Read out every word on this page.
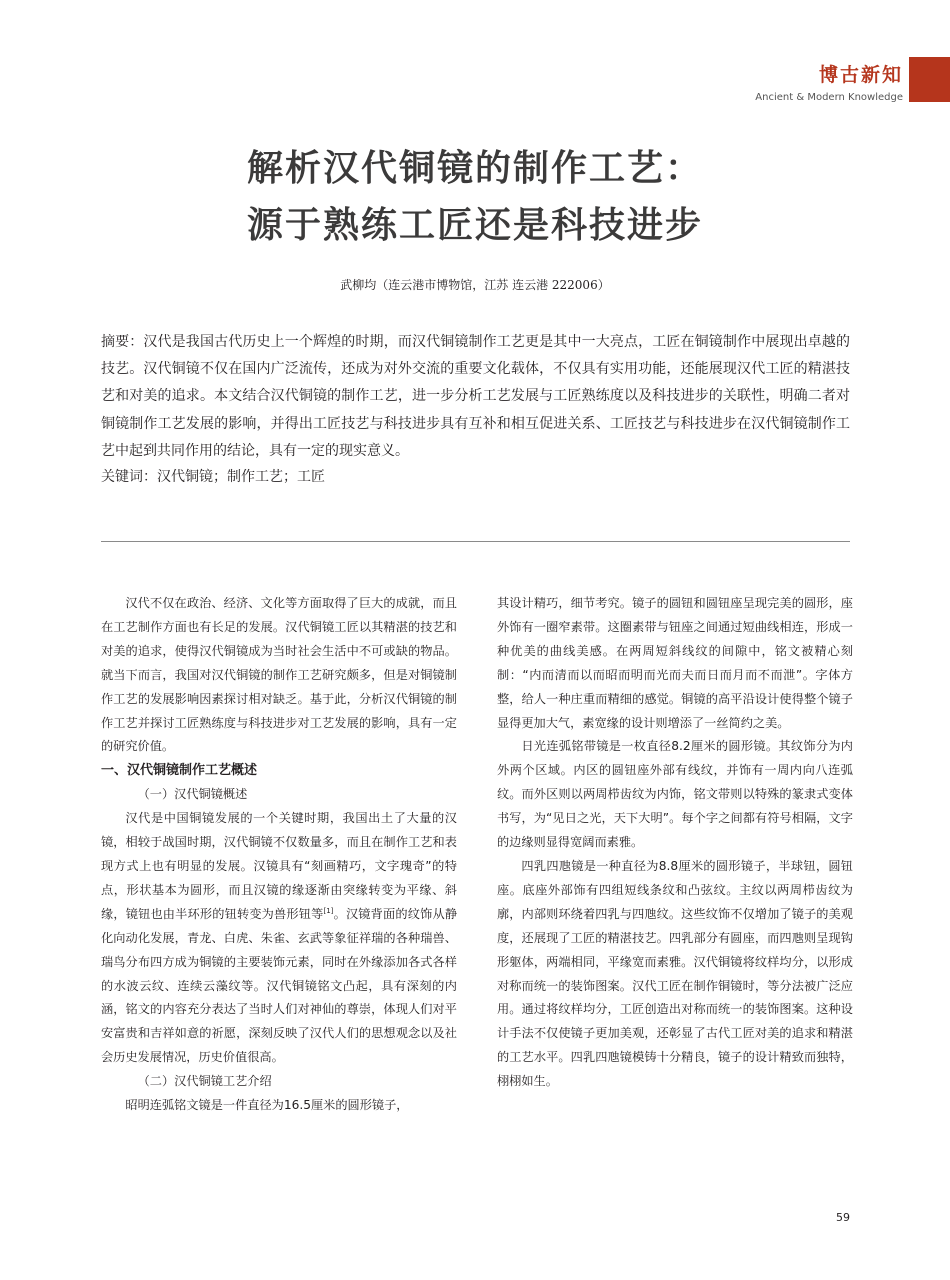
博古新知
Ancient & Modern Knowledge
解析汉代铜镜的制作工艺：
源于熟练工匠还是科技进步
武柳均（连云港市博物馆，江苏 连云港 222006）

摘要：汉代是我国古代历史上一个辉煌的时期，而汉代铜镜制作工艺更是其中一大亮点，工匠在铜镜制作中展现出卓越的技艺。汉代铜镜不仅在国内广泛流传，还成为对外交流的重要文化载体，不仅具有实用功能，还能展现汉代工匠的精湛技艺和对美的追求。本文结合汉代铜镜的制作工艺，进一步分析工艺发展与工匠熟练度以及科技进步的关联性，明确二者对铜镜制作工艺发展的影响，并得出工匠技艺与科技进步具有互补和相互促进关系、工匠技艺与科技进步在汉代铜镜制作工艺中起到共同作用的结论，具有一定的现实意义。

关键词：汉代铜镜；制作工艺；工匠

汉代不仅在政治、经济、文化等方面取得了巨大的成就，而且在工艺制作方面也有长足的发展。汉代铜镜工匠以其精湛的技艺和对美的追求，使得汉代铜镜成为当时社会生活中不可或缺的物品。就当下而言，我国对汉代铜镜的制作工艺研究颇多，但是对铜镜制作工艺的发展影响因素探讨相对缺乏。基于此，分析汉代铜镜的制作工艺并探讨工匠熟练度与科技进步对工艺发展的影响，具有一定的研究价值。

一、汉代铜镜制作工艺概述
（一）汉代铜镜概述

汉代是中国铜镜发展的一个关键时期，我国出土了大量的汉镜，相较于战国时期，汉代铜镜不仅数量多，而且在制作工艺和表现方式上也有明显的发展。汉镜具有“刻画精巧，文字瑰奇”的特点，形状基本为圆形，而且汉镜的缘逐渐由突缘转变为平缘、斜缘，镜钮也由半环形的钮转变为兽形钮等[1]。汉镜背面的纹饰从静化向动化发展，青龙、白虎、朱雀、玄武等象征祥瑞的各种瑞兽、瑞鸟分布四方成为铜镜的主要装饰元素，同时在外缘添加各式各样的水波云纹、连续云藻纹等。汉代铜镜铭文凸起，具有深刻的内涵，铭文的内容充分表达了当时人们对神仙的尊崇，体现人们对平安富贵和吉祥如意的祈愿，深刻反映了汉代人们的思想观念以及社会历史发展情况，历史价值很高。

（二）汉代铜镜工艺介绍

昭明连弧铭文镜是一件直径为16.5厘米的圆形镜子，

其设计精巧，细节考究。镜子的圆钮和圆钮座呈现完美的圆形，座外饰有一圈窄素带。这圈素带与钮座之间通过短曲线相连，形成一种优美的曲线美感。在两周短斜线纹的间隙中，铭文被精心刻制：“内而清而以而昭而明而光而夫而日而月而不而泄”。字体方整，给人一种庄重而精细的感觉。铜镜的高平沿设计使得整个镜子显得更加大气，素宽缘的设计则增添了一丝简约之美。

日光连弧铭带镜是一枚直径8.2厘米的圆形镜。其纹饰分为内外两个区域。内区的圆钮座外部有线纹，并饰有一周内向八连弧纹。而外区则以两周栉齿纹为内饰，铭文带则以特殊的篆隶式变体书写，为“见日之光，天下大明”。每个字之间都有符号相隔，文字的边缘则显得宽阔而素雅。

四乳四虺镜是一种直径为8.8厘米的圆形镜子，半球钮，圆钮座。底座外部饰有四组短线条纹和凸弦纹。主纹以两周栉齿纹为廓，内部则环绕着四乳与四虺纹。这些纹饰不仅增加了镜子的美观度，还展现了工匠的精湛技艺。四乳部分有圆座，而四虺则呈现钩形躯体，两端相同，平缘宽而素雅。汉代铜镜将纹样均分，以形成对称而统一的装饰图案。汉代工匠在制作铜镜时，等分法被广泛应用。通过将纹样均分，工匠创造出对称而统一的装饰图案。这种设计手法不仅使镜子更加美观，还彰显了古代工匠对美的追求和精湛的工艺水平。四乳四虺镜模铸十分精良，镜子的设计精致而独特，栩栩如生。

59
